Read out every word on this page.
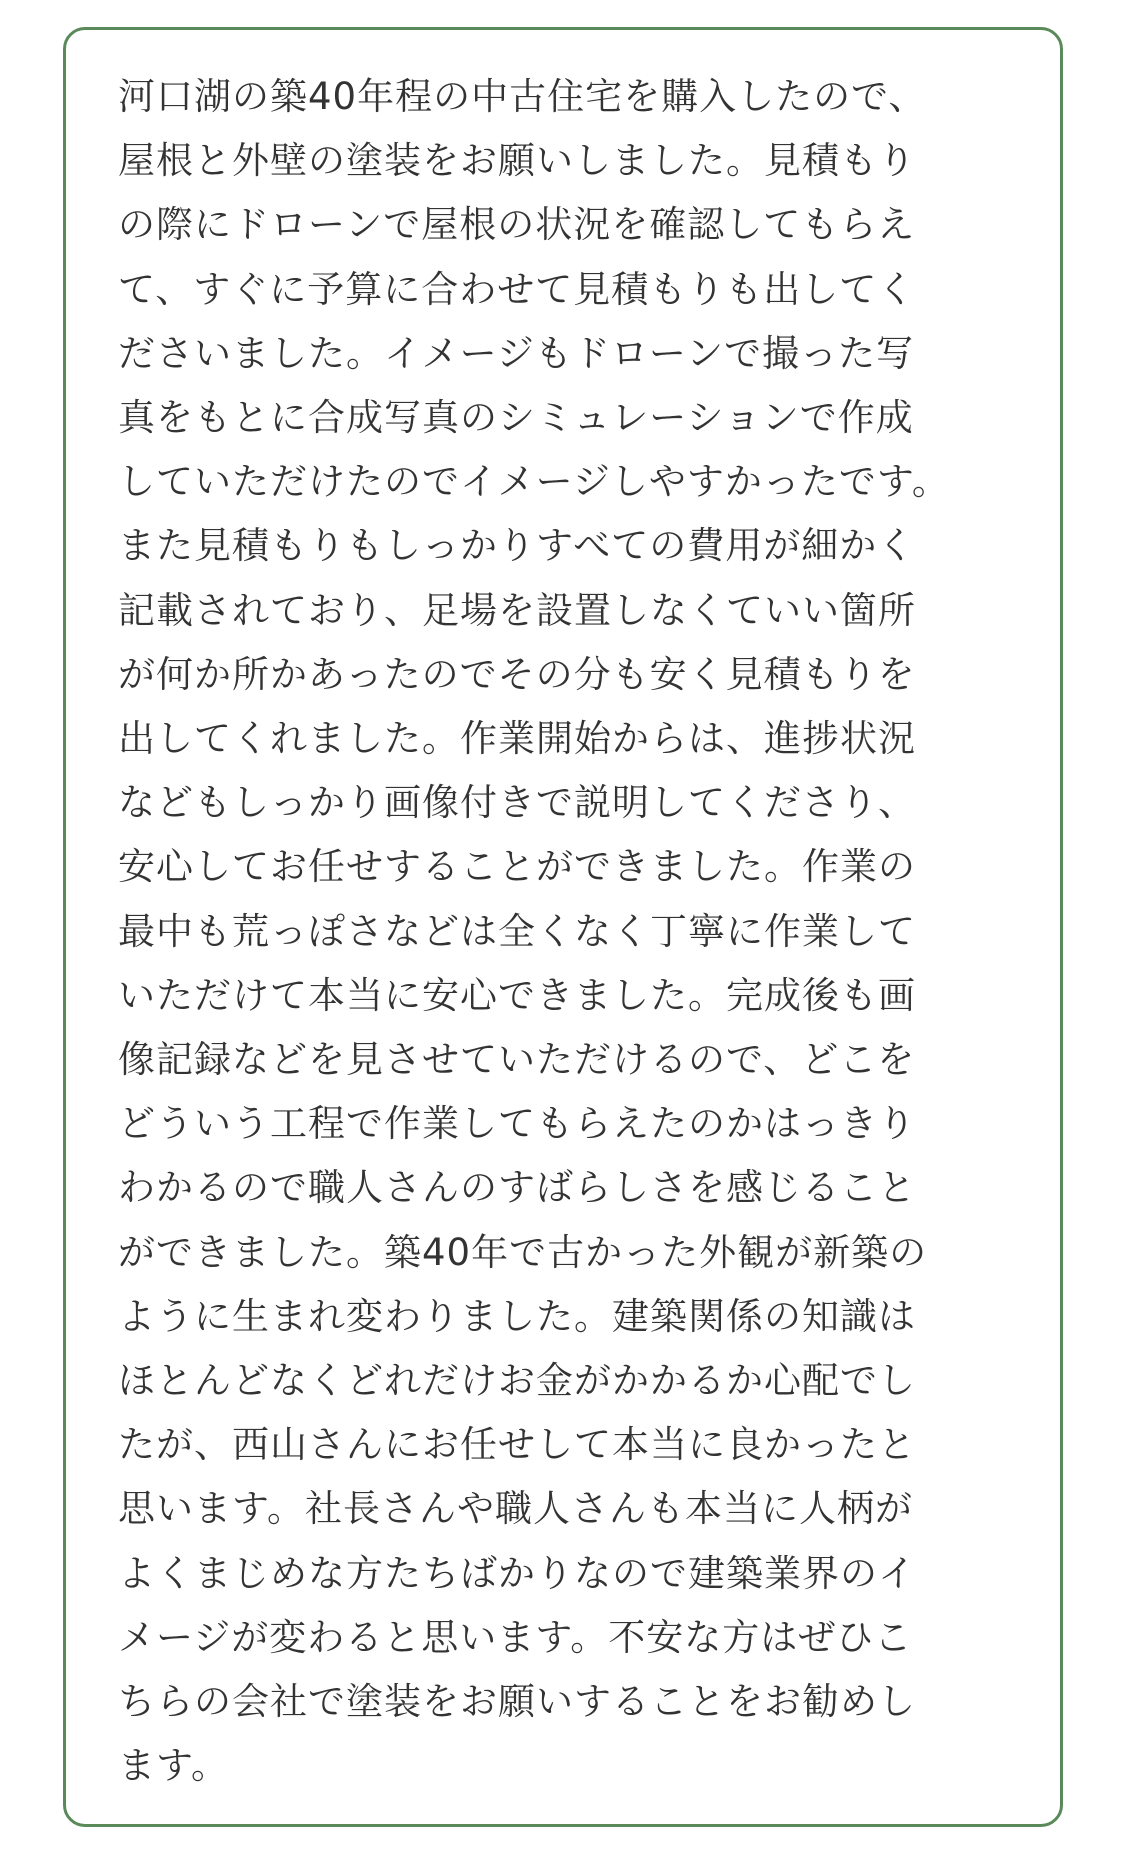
河口湖の築40年程の中古住宅を購入したので、
屋根と外壁の塗装をお願いしました。見積もり
の際にドローンで屋根の状況を確認してもらえ
て、すぐに予算に合わせて見積もりも出してく
ださいました。イメージもドローンで撮った写
真をもとに合成写真のシミュレーションで作成
していただけたのでイメージしやすかったです。
また見積もりもしっかりすべての費用が細かく
記載されており、足場を設置しなくていい箇所
が何か所かあったのでその分も安く見積もりを
出してくれました。作業開始からは、進捗状況
などもしっかり画像付きで説明してくださり、
安心してお任せすることができました。作業の
最中も荒っぽさなどは全くなく丁寧に作業して
いただけて本当に安心できました。完成後も画
像記録などを見させていただけるので、どこを
どういう工程で作業してもらえたのかはっきり
わかるので職人さんのすばらしさを感じること
ができました。築40年で古かった外観が新築の
ように生まれ変わりました。建築関係の知識は
ほとんどなくどれだけお金がかかるか心配でし
たが、西山さんにお任せして本当に良かったと
思います。社長さんや職人さんも本当に人柄が
よくまじめな方たちばかりなので建築業界のイ
メージが変わると思います。不安な方はぜひこ
ちらの会社で塗装をお願いすることをお勧めし
ます。
